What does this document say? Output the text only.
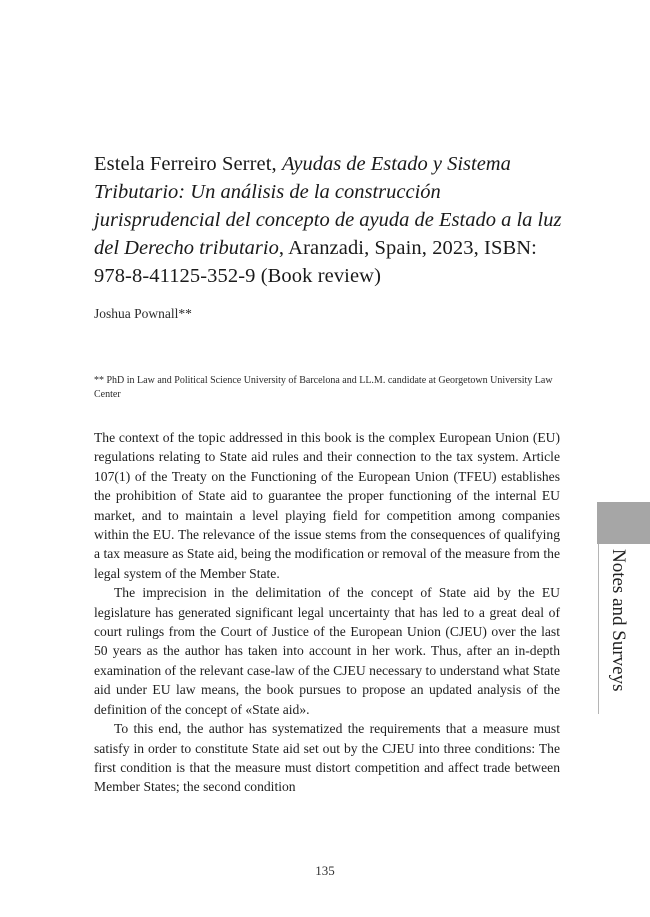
Estela Ferreiro Serret, Ayudas de Estado y Sistema Tributario: Un análisis de la construcción jurisprudencial del concepto de ayuda de Estado a la luz del Derecho tributario, Aranzadi, Spain, 2023, ISBN: 978-8-41125-352-9 (Book review)
Joshua Pownall**
** PhD in Law and Political Science University of Barcelona and LL.M. candidate at Georgetown University Law Center

The context of the topic addressed in this book is the complex European Union (EU) regulations relating to State aid rules and their connection to the tax system. Article 107(1) of the Treaty on the Functioning of the European Union (TFEU) establishes the prohibition of State aid to guarantee the proper functioning of the internal EU market, and to maintain a level playing field for competition among companies within the EU. The relevance of the issue stems from the consequences of qualifying a tax measure as State aid, being the modification or removal of the measure from the legal system of the Member State.

The imprecision in the delimitation of the concept of State aid by the EU legislature has generated significant legal uncertainty that has led to a great deal of court rulings from the Court of Justice of the European Union (CJEU) over the last 50 years as the author has taken into account in her work. Thus, after an in-depth examination of the relevant case-law of the CJEU necessary to understand what State aid under EU law means, the book pursues to propose an updated analysis of the definition of the concept of «State aid».

To this end, the author has systematized the requirements that a measure must satisfy in order to constitute State aid set out by the CJEU into three conditions: The first condition is that the measure must distort competition and affect trade between Member States; the second condition

Notes and Surveys
135
